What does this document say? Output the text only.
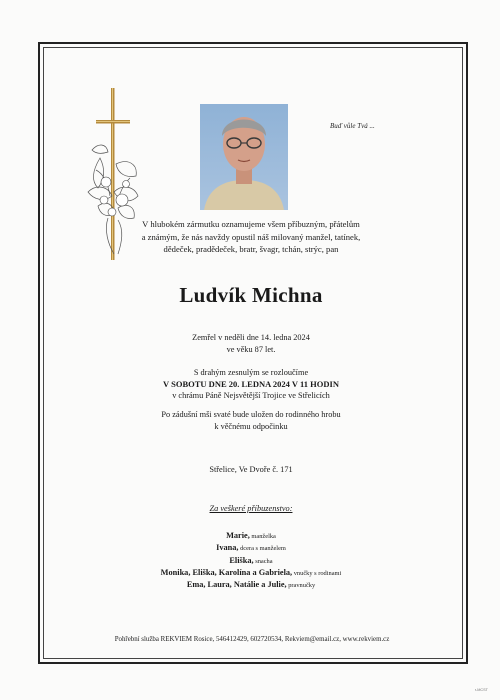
Buď vůle Tvá ...
V hlubokém zármutku oznamujeme všem příbuzným, přátelům
a známým, že nás navždy opustil náš milovaný manžel, tatínek,
dědeček, pradědeček, bratr, švagr, tchán, strýc, pan
Ludvík Michna
Zemřel v neděli dne 14. ledna 2024
ve věku 87 let.
S drahým zesnulým se rozloučíme
V SOBOTU DNE 20. LEDNA 2024 V 11 HODIN
v chrámu Páně Nejsvětější Trojice ve Střelicích
Po zádušní mši svaté bude uložen do rodinného hrobu
k věčnému odpočinku
Střelice, Ve Dvoře č. 171
Za veškeré příbuzenstvo:
Marie, manželka
Ivana, dcera s manželem
Eliška, snacha
Monika, Eliška, Karolína a Gabriela, vnučky s rodinami
Ema, Laura, Natálie a Julie, pravnučky
Pohřební služba REKVIEM Rosice, 546412429, 602720534, Rekviem@email.cz, www.rekviem.cz
r-MCST
